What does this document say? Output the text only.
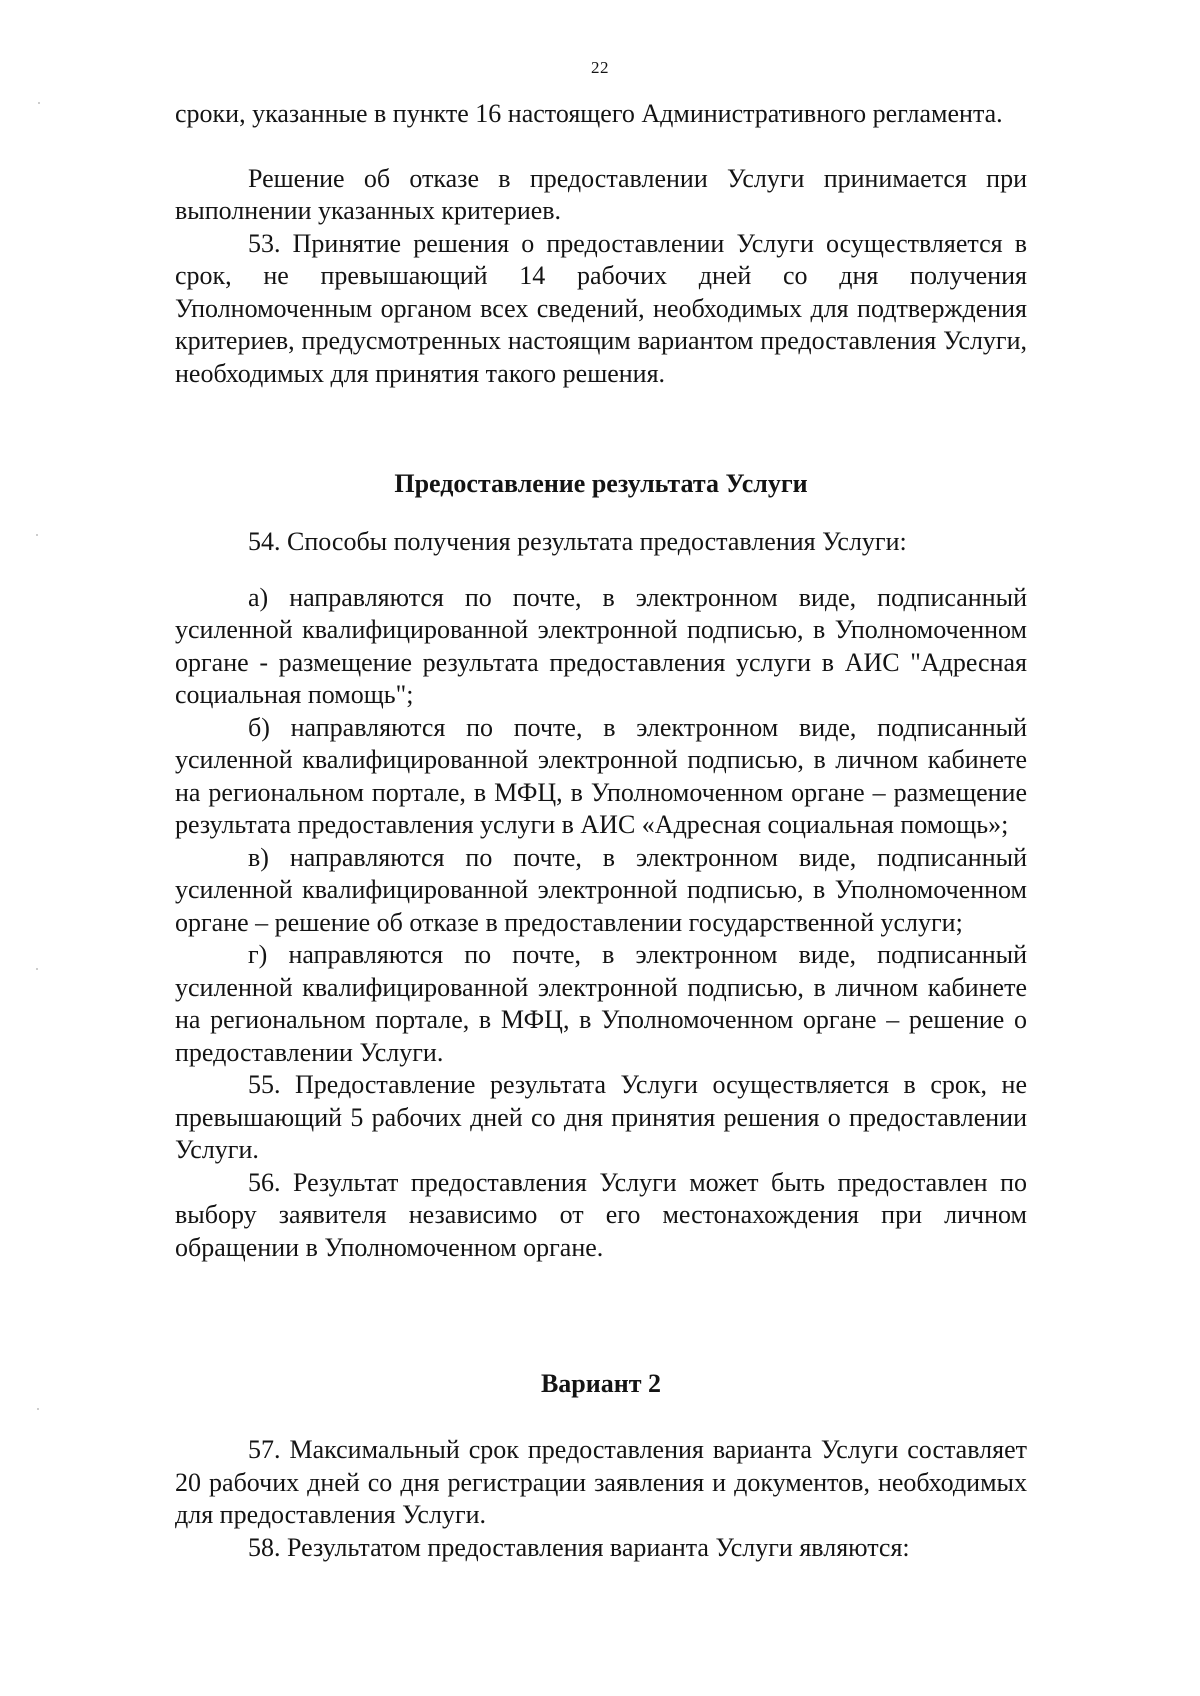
22

сроки, указанные в пункте 16 настоящего Административного регламента.

Решение об отказе в предоставлении Услуги принимается при выполнении указанных критериев.

53. Принятие решения о предоставлении Услуги осуществляется в срок, не превышающий 14 рабочих дней со дня получения Уполномоченным органом всех сведений, необходимых для подтверждения критериев, предусмотренных настоящим вариантом предоставления Услуги, необходимых для принятия такого решения.

Предоставление результата Услуги

54. Способы получения результата предоставления Услуги:

а) направляются по почте, в электронном виде, подписанный усиленной квалифицированной электронной подписью, в Уполномоченном органе - размещение результата предоставления услуги в АИС "Адресная социальная помощь";

б) направляются по почте, в электронном виде, подписанный усиленной квалифицированной электронной подписью, в личном кабинете на региональном портале, в МФЦ, в Уполномоченном органе – размещение результата предоставления услуги в АИС «Адресная социальная помощь»;

в) направляются по почте, в электронном виде, подписанный усиленной квалифицированной электронной подписью, в Уполномоченном органе – решение об отказе в предоставлении государственной услуги;

г) направляются по почте, в электронном виде, подписанный усиленной квалифицированной электронной подписью, в личном кабинете на региональном портале, в МФЦ, в Уполномоченном органе – решение о предоставлении Услуги.

55. Предоставление результата Услуги осуществляется в срок, не превышающий 5 рабочих дней со дня принятия решения о предоставлении Услуги.

56. Результат предоставления Услуги может быть предоставлен по выбору заявителя независимо от его местонахождения при личном обращении в Уполномоченном органе.

Вариант 2

57. Максимальный срок предоставления варианта Услуги составляет 20 рабочих дней со дня регистрации заявления и документов, необходимых для предоставления Услуги.

58. Результатом предоставления варианта Услуги являются:
